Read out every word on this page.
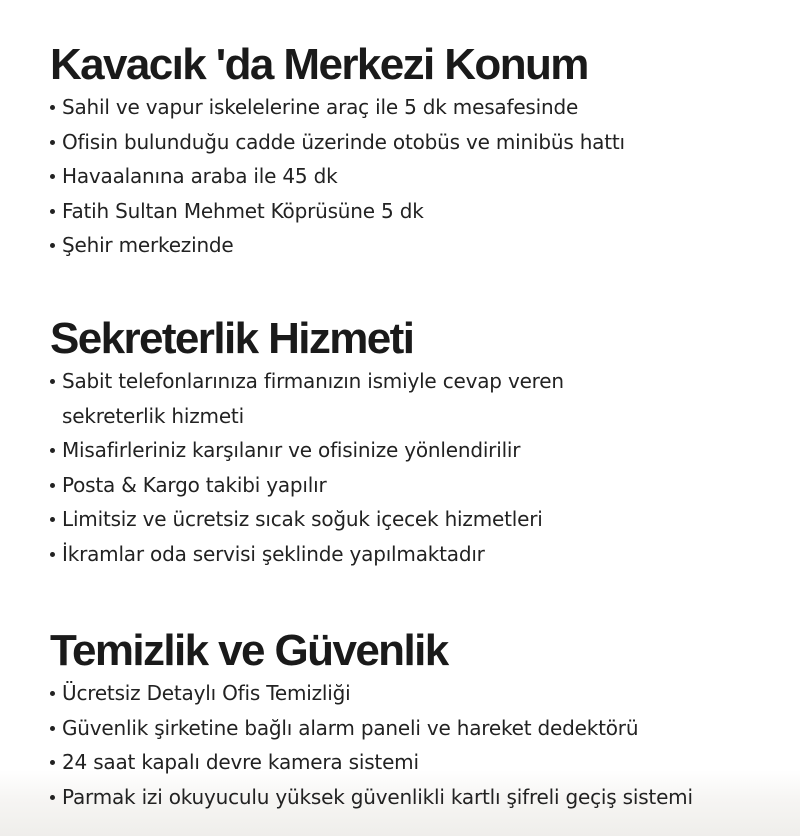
Kavacık 'da Merkezi Konum
Sahil ve vapur iskelelerine araç ile 5 dk mesafesinde
Ofisin bulunduğu cadde üzerinde otobüs ve minibüs hattı
Havaalanına araba ile 45 dk
Fatih Sultan Mehmet Köprüsüne 5 dk
Şehir merkezinde
Sekreterlik Hizmeti
Sabit telefonlarınıza firmanızın ismiyle cevap veren sekreterlik hizmeti
Misafirleriniz karşılanır ve ofisinize yönlendirilir
Posta & Kargo takibi yapılır
Limitsiz ve ücretsiz sıcak soğuk içecek hizmetleri
İkramlar oda servisi şeklinde yapılmaktadır
Temizlik ve Güvenlik
Ücretsiz Detaylı Ofis Temizliği
Güvenlik şirketine bağlı alarm paneli ve hareket dedektörü
24 saat kapalı devre kamera sistemi
Parmak izi okuyuculu yüksek güvenlikli kartlı şifreli geçiş sistemi
